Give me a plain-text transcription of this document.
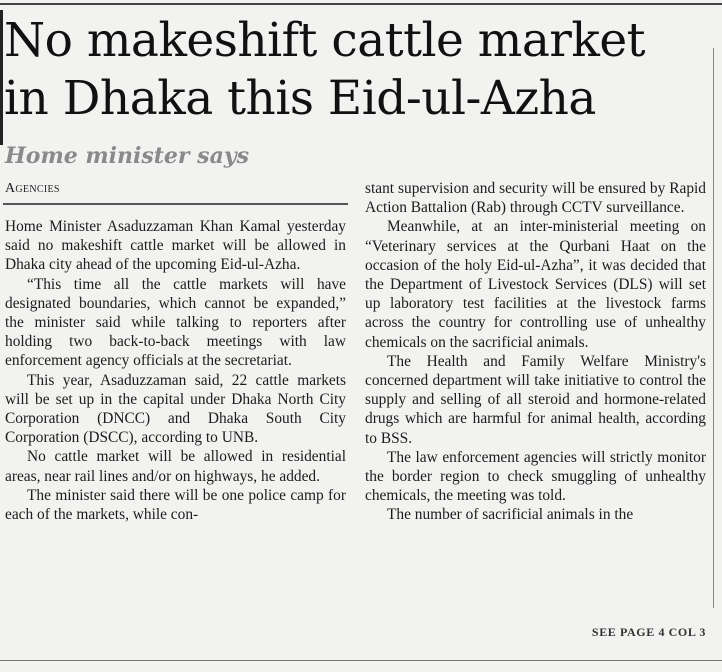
No makeshift cattle market
in Dhaka this Eid-ul-Azha
Home minister says
Agencies

Home Minister Asaduzzaman Khan Kamal yesterday said no makeshift cattle market will be allowed in Dhaka city ahead of the upcoming Eid-ul-Azha.

“This time all the cattle markets will have designated boundaries, which cannot be expanded,” the minister said while talking to reporters after holding two back-to-back meetings with law enforcement agency officials at the secretariat.

This year, Asaduzzaman said, 22 cattle markets will be set up in the capital under Dhaka North City Corporation (DNCC) and Dhaka South City Corporation (DSCC), according to UNB.

No cattle market will be allowed in residential areas, near rail lines and/or on highways, he added.

The minister said there will be one police camp for each of the markets, while con-

stant supervision and security will be ensured by Rapid Action Battalion (Rab) through CCTV surveillance.

Meanwhile, at an inter-ministerial meeting on “Veterinary services at the Qurbani Haat on the occasion of the holy Eid-ul-Azha”, it was decided that the Department of Livestock Services (DLS) will set up laboratory test facilities at the livestock farms across the country for controlling use of unhealthy chemicals on the sacrificial animals.

The Health and Family Welfare Ministry's concerned department will take initiative to control the supply and selling of all steroid and hormone-related drugs which are harmful for animal health, according to BSS.

The law enforcement agencies will strictly monitor the border region to check smuggling of unhealthy chemicals, the meeting was told.

The number of sacrificial animals in the

SEE PAGE 4 COL 3
